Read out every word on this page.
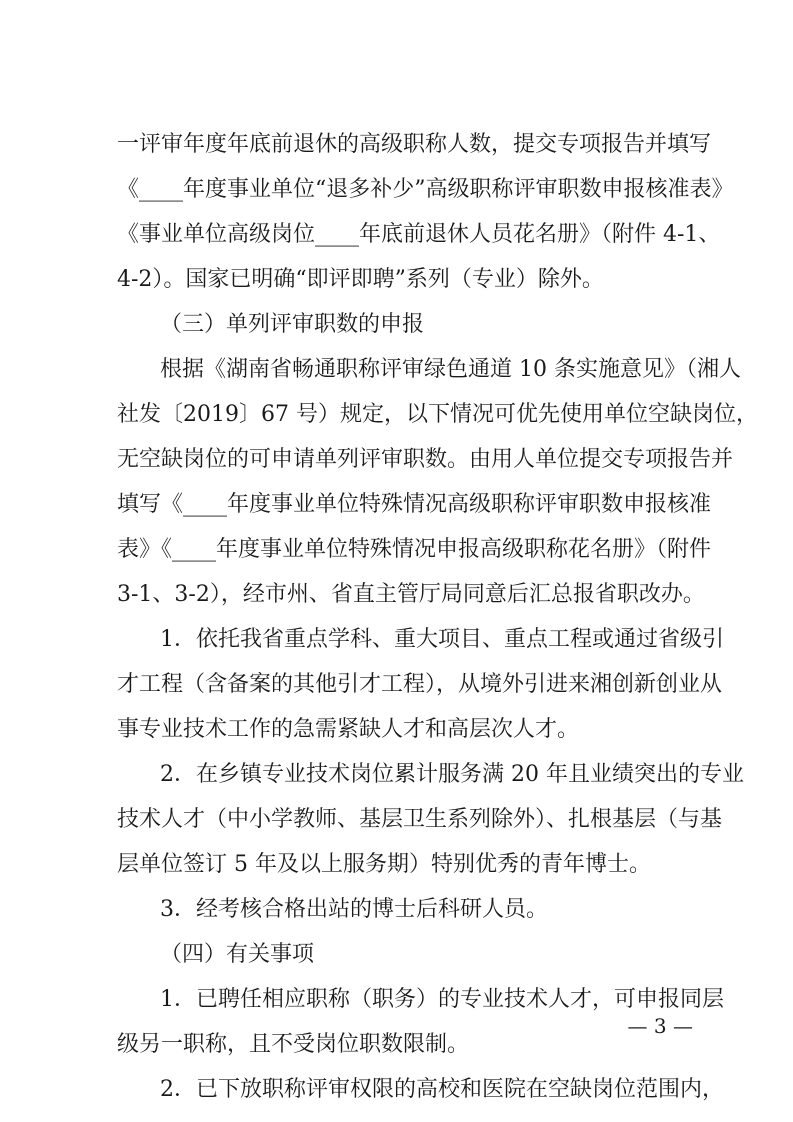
一评审年度年底前退休的高级职称人数，提交专项报告并填写
《____年度事业单位“退多补少”高级职称评审职数申报核准表》
《事业单位高级岗位____年底前退休人员花名册》（附件 4-1、
4-2）。国家已明确“即评即聘”系列（专业）除外。
（三）单列评审职数的申报
根据《湖南省畅通职称评审绿色通道 10 条实施意见》（湘人
社发〔2019〕67 号）规定，以下情况可优先使用单位空缺岗位，
无空缺岗位的可申请单列评审职数。由用人单位提交专项报告并
填写《____年度事业单位特殊情况高级职称评审职数申报核准
表》《____年度事业单位特殊情况申报高级职称花名册》（附件
3-1、3-2），经市州、省直主管厅局同意后汇总报省职改办。
1．依托我省重点学科、重大项目、重点工程或通过省级引
才工程（含备案的其他引才工程），从境外引进来湘创新创业从
事专业技术工作的急需紧缺人才和高层次人才。
2．在乡镇专业技术岗位累计服务满 20 年且业绩突出的专业
技术人才（中小学教师、基层卫生系列除外）、扎根基层（与基
层单位签订 5 年及以上服务期）特别优秀的青年博士。
3．经考核合格出站的博士后科研人员。
（四）有关事项
1．已聘任相应职称（职务）的专业技术人才，可申报同层
级另一职称，且不受岗位职数限制。
2．已下放职称评审权限的高校和医院在空缺岗位范围内，
— 3 —
